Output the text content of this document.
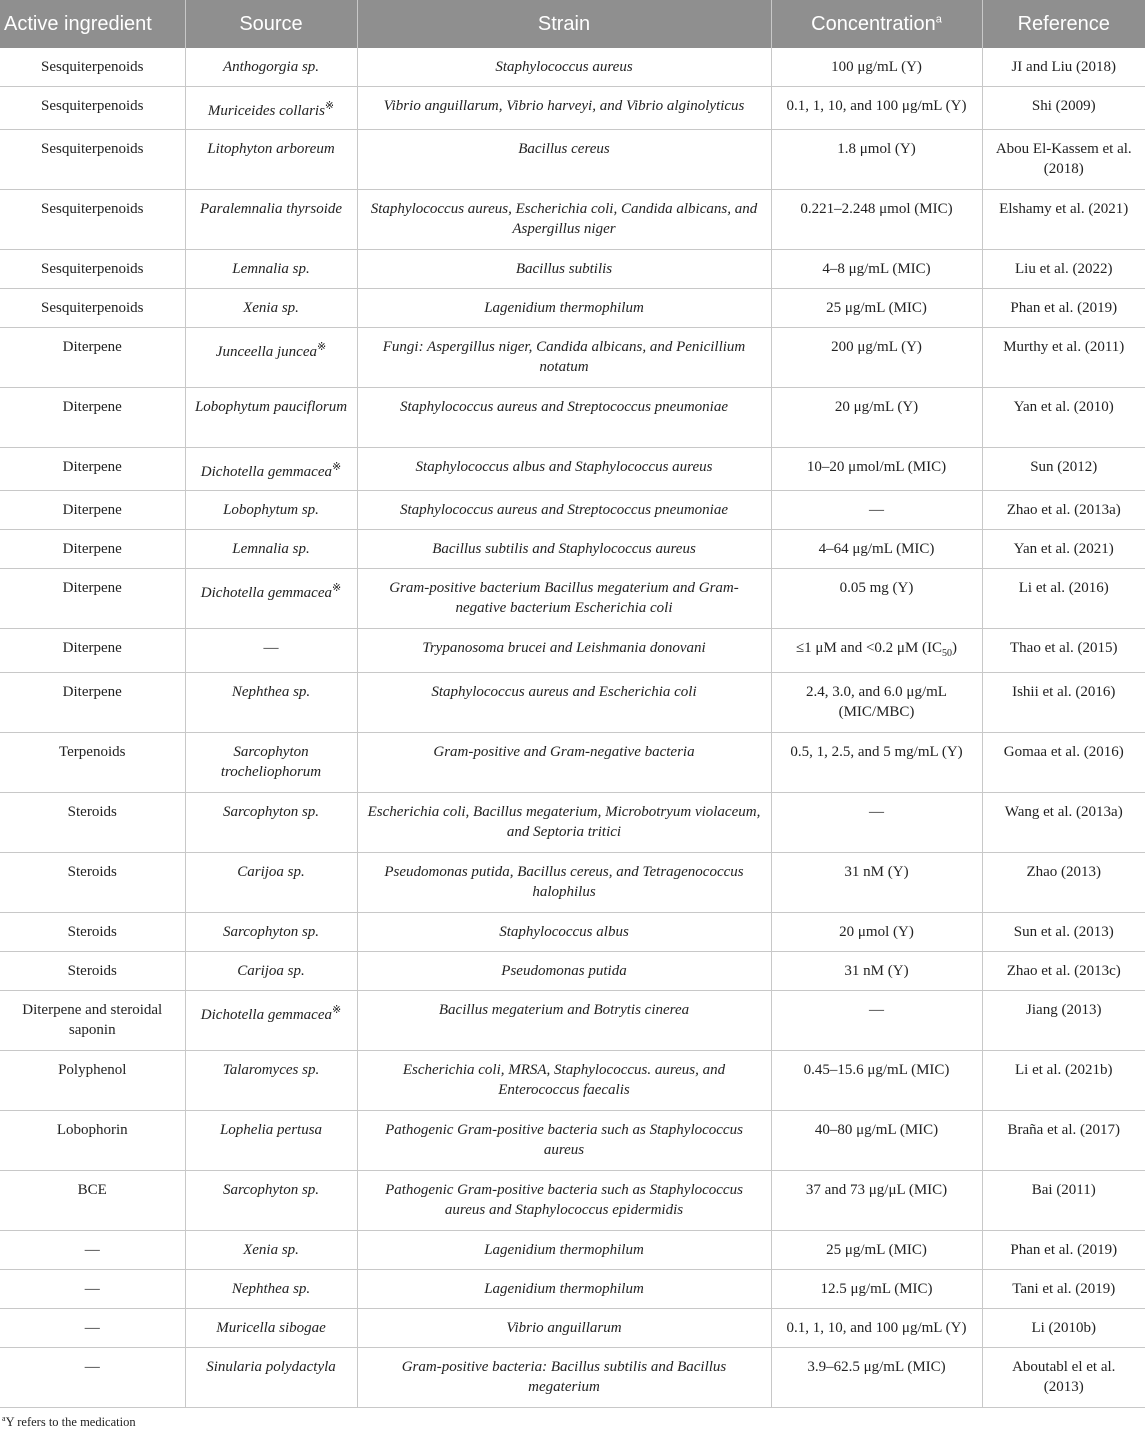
Active ingredient	Source	Strain	Concentration$^a$	Reference
Sesquiterpenoids	Anthogorgia sp.	Staphylococcus aureus	100 μg/mL (Y)	JI and Liu (2018)
Sesquiterpenoids	Muriceides collaris※	Vibrio anguillarum, Vibrio harveyi, and Vibrio alginolyticus	0.1, 1, 10, and 100 μg/mL (Y)	Shi (2009)
Sesquiterpenoids	Litophyton arboreum	Bacillus cereus	1.8 μmol (Y)	Abou El-Kassem et al. (2018)
Sesquiterpenoids	Paralemnalia thyrsoide	Staphylococcus aureus, Escherichia coli, Candida albicans, and Aspergillus niger	0.221–2.248 μmol (MIC)	Elshamy et al. (2021)
Sesquiterpenoids	Lemnalia sp.	Bacillus subtilis	4–8 μg/mL (MIC)	Liu et al. (2022)
Sesquiterpenoids	Xenia sp.	Lagenidium thermophilum	25 μg/mL (MIC)	Phan et al. (2019)
Diterpene	Junceella juncea※	Fungi: Aspergillus niger, Candida albicans, and Penicillium notatum	200 μg/mL (Y)	Murthy et al. (2011)
Diterpene	Lobophytum pauciflorum	Staphylococcus aureus and Streptococcus pneumoniae	20 μg/mL (Y)	Yan et al. (2010)
Diterpene	Dichotella gemmacea※	Staphylococcus albus and Staphylococcus aureus	10–20 μmol/mL (MIC)	Sun (2012)
Diterpene	Lobophytum sp.	Staphylococcus aureus and Streptococcus pneumoniae	—	Zhao et al. (2013a)
Diterpene	Lemnalia sp.	Bacillus subtilis and Staphylococcus aureus	4–64 μg/mL (MIC)	Yan et al. (2021)
Diterpene	Dichotella gemmacea※	Gram-positive bacterium Bacillus megaterium and Gram-negative bacterium Escherichia coli	0.05 mg (Y)	Li et al. (2016)
Diterpene	—	Trypanosoma brucei and Leishmania donovani	≤1 μM and <0.2 μM $(IC_{50})$	Thao et al. (2015)
Diterpene	Nephthea sp.	Staphylococcus aureus and Escherichia coli	2.4, 3.0, and 6.0 μg/mL (MIC/MBC)	Ishii et al. (2016)
Terpenoids	Sarcophyton trocheliophorum	Gram-positive and Gram-negative bacteria	0.5, 1, 2.5, and 5 mg/mL (Y)	Gomaa et al. (2016)
Steroids	Sarcophyton sp.	Escherichia coli, Bacillus megaterium, Microbotryum violaceum, and Septoria tritici	—	Wang et al. (2013a)
Steroids	Carijoa sp.	Pseudomonas putida, Bacillus cereus, and Tetragenococcus halophilus	31 nM (Y)	Zhao (2013)
Steroids	Sarcophyton sp.	Staphylococcus albus	20 μmol (Y)	Sun et al. (2013)
Steroids	Carijoa sp.	Pseudomonas putida	31 nM (Y)	Zhao et al. (2013c)
Diterpene and steroidal saponin	Dichotella gemmacea※	Bacillus megaterium and Botrytis cinerea	—	Jiang (2013)
Polyphenol	Talaromyces sp.	Escherichia coli, MRSA, Staphylococcus. aureus, and Enterococcus faecalis	0.45–15.6 μg/mL (MIC)	Li et al. (2021b)
Lobophorin	Lophelia pertusa	Pathogenic Gram-positive bacteria such as Staphylococcus aureus	40–80 μg/mL (MIC)	Braña et al. (2017)
BCE	Sarcophyton sp.	Pathogenic Gram-positive bacteria such as Staphylococcus aureus and Staphylococcus epidermidis	37 and 73 μg/μL (MIC)	Bai (2011)
—	Xenia sp.	Lagenidium thermophilum	25 μg/mL (MIC)	Phan et al. (2019)
—	Nephthea sp.	Lagenidium thermophilum	12.5 μg/mL (MIC)	Tani et al. (2019)
—	Muricella sibogae	Vibrio anguillarum	0.1, 1, 10, and 100 μg/mL (Y)	Li (2010b)
—	Sinularia polydactyla	Gram-positive bacteria: Bacillus subtilis and Bacillus megaterium	3.9–62.5 μg/mL (MIC)	Aboutabl el et al. (2013)
$^a$Y refers to the medication
